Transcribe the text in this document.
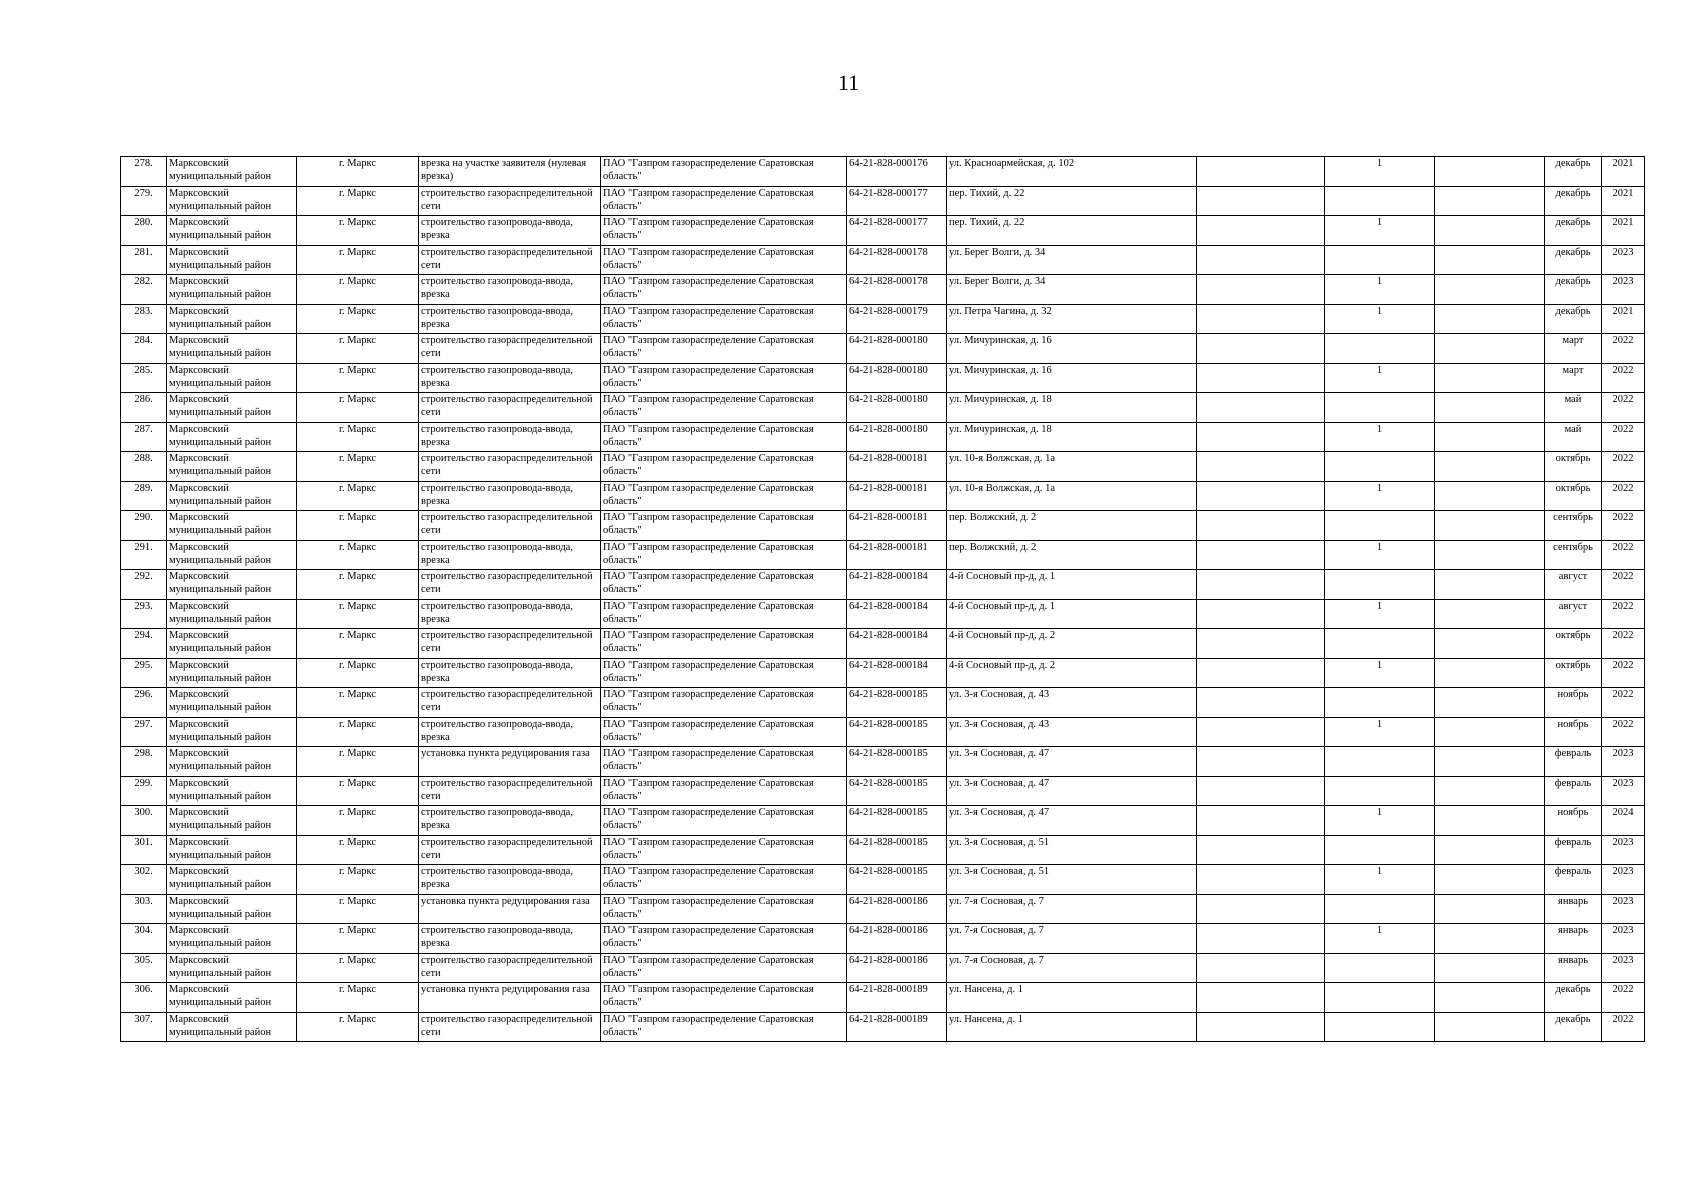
11
278.	Марксовский муниципальный район	г. Маркс	врезка на участке заявителя (нулевая врезка)	ПАО "Газпром газораспределение Саратовская область"	64-21-828-000176	ул. Красноармейская, д. 102		1		декабрь	2021
279.	Марксовский муниципальный район	г. Маркс	строительство газораспределительной сети	ПАО "Газпром газораспределение Саратовская область"	64-21-828-000177	пер. Тихий, д. 22				декабрь	2021
280.	Марксовский муниципальный район	г. Маркс	строительство газопровода-ввода, врезка	ПАО "Газпром газораспределение Саратовская область"	64-21-828-000177	пер. Тихий, д. 22		1		декабрь	2021
281.	Марксовский муниципальный район	г. Маркс	строительство газораспределительной сети	ПАО "Газпром газораспределение Саратовская область"	64-21-828-000178	ул. Берег Волги, д. 34				декабрь	2023
282.	Марксовский муниципальный район	г. Маркс	строительство газопровода-ввода, врезка	ПАО "Газпром газораспределение Саратовская область"	64-21-828-000178	ул. Берег Волги, д. 34		1		декабрь	2023
283.	Марксовский муниципальный район	г. Маркс	строительство газопровода-ввода, врезка	ПАО "Газпром газораспределение Саратовская область"	64-21-828-000179	ул. Петра Чагина, д. 32		1		декабрь	2021
284.	Марксовский муниципальный район	г. Маркс	строительство газораспределительной сети	ПАО "Газпром газораспределение Саратовская область"	64-21-828-000180	ул. Мичуринская, д. 16				март	2022
285.	Марксовский муниципальный район	г. Маркс	строительство газопровода-ввода, врезка	ПАО "Газпром газораспределение Саратовская область"	64-21-828-000180	ул. Мичуринская, д. 16		1		март	2022
286.	Марксовский муниципальный район	г. Маркс	строительство газораспределительной сети	ПАО "Газпром газораспределение Саратовская область"	64-21-828-000180	ул. Мичуринская, д. 18				май	2022
287.	Марксовский муниципальный район	г. Маркс	строительство газопровода-ввода, врезка	ПАО "Газпром газораспределение Саратовская область"	64-21-828-000180	ул. Мичуринская, д. 18		1		май	2022
288.	Марксовский муниципальный район	г. Маркс	строительство газораспределительной сети	ПАО "Газпром газораспределение Саратовская область"	64-21-828-000181	ул. 10-я Волжская, д. 1а				октябрь	2022
289.	Марксовский муниципальный район	г. Маркс	строительство газопровода-ввода, врезка	ПАО "Газпром газораспределение Саратовская область"	64-21-828-000181	ул. 10-я Волжская, д. 1а		1		октябрь	2022
290.	Марксовский муниципальный район	г. Маркс	строительство газораспределительной сети	ПАО "Газпром газораспределение Саратовская область"	64-21-828-000181	пер. Волжский, д. 2				сентябрь	2022
291.	Марксовский муниципальный район	г. Маркс	строительство газопровода-ввода, врезка	ПАО "Газпром газораспределение Саратовская область"	64-21-828-000181	пер. Волжский, д. 2		1		сентябрь	2022
292.	Марксовский муниципальный район	г. Маркс	строительство газораспределительной сети	ПАО "Газпром газораспределение Саратовская область"	64-21-828-000184	4-й Сосновый пр-д, д. 1				август	2022
293.	Марксовский муниципальный район	г. Маркс	строительство газопровода-ввода, врезка	ПАО "Газпром газораспределение Саратовская область"	64-21-828-000184	4-й Сосновый пр-д, д. 1		1		август	2022
294.	Марксовский муниципальный район	г. Маркс	строительство газораспределительной сети	ПАО "Газпром газораспределение Саратовская область"	64-21-828-000184	4-й Сосновый пр-д, д. 2				октябрь	2022
295.	Марксовский муниципальный район	г. Маркс	строительство газопровода-ввода, врезка	ПАО "Газпром газораспределение Саратовская область"	64-21-828-000184	4-й Сосновый пр-д, д. 2		1		октябрь	2022
296.	Марксовский муниципальный район	г. Маркс	строительство газораспределительной сети	ПАО "Газпром газораспределение Саратовская область"	64-21-828-000185	ул. 3-я Сосновая, д. 43				ноябрь	2022
297.	Марксовский муниципальный район	г. Маркс	строительство газопровода-ввода, врезка	ПАО "Газпром газораспределение Саратовская область"	64-21-828-000185	ул. 3-я Сосновая, д. 43		1		ноябрь	2022
298.	Марксовский муниципальный район	г. Маркс	установка пункта редуцирования газа	ПАО "Газпром газораспределение Саратовская область"	64-21-828-000185	ул. 3-я Сосновая, д. 47				февраль	2023
299.	Марксовский муниципальный район	г. Маркс	строительство газораспределительной сети	ПАО "Газпром газораспределение Саратовская область"	64-21-828-000185	ул. 3-я Сосновая, д. 47				февраль	2023
300.	Марксовский муниципальный район	г. Маркс	строительство газопровода-ввода, врезка	ПАО "Газпром газораспределение Саратовская область"	64-21-828-000185	ул. 3-я Сосновая, д. 47		1		ноябрь	2024
301.	Марксовский муниципальный район	г. Маркс	строительство газораспределительной сети	ПАО "Газпром газораспределение Саратовская область"	64-21-828-000185	ул. 3-я Сосновая, д. 51				февраль	2023
302.	Марксовский муниципальный район	г. Маркс	строительство газопровода-ввода, врезка	ПАО "Газпром газораспределение Саратовская область"	64-21-828-000185	ул. 3-я Сосновая, д. 51		1		февраль	2023
303.	Марксовский муниципальный район	г. Маркс	установка пункта редуцирования газа	ПАО "Газпром газораспределение Саратовская область"	64-21-828-000186	ул. 7-я Сосновая, д. 7				январь	2023
304.	Марксовский муниципальный район	г. Маркс	строительство газопровода-ввода, врезка	ПАО "Газпром газораспределение Саратовская область"	64-21-828-000186	ул. 7-я Сосновая, д. 7		1		январь	2023
305.	Марксовский муниципальный район	г. Маркс	строительство газораспределительной сети	ПАО "Газпром газораспределение Саратовская область"	64-21-828-000186	ул. 7-я Сосновая, д. 7				январь	2023
306.	Марксовский муниципальный район	г. Маркс	установка пункта редуцирования газа	ПАО "Газпром газораспределение Саратовская область"	64-21-828-000189	ул. Нансена, д. 1				декабрь	2022
307.	Марксовский муниципальный район	г. Маркс	строительство газораспределительной сети	ПАО "Газпром газораспределение Саратовская область"	64-21-828-000189	ул. Нансена, д. 1				декабрь	2022
